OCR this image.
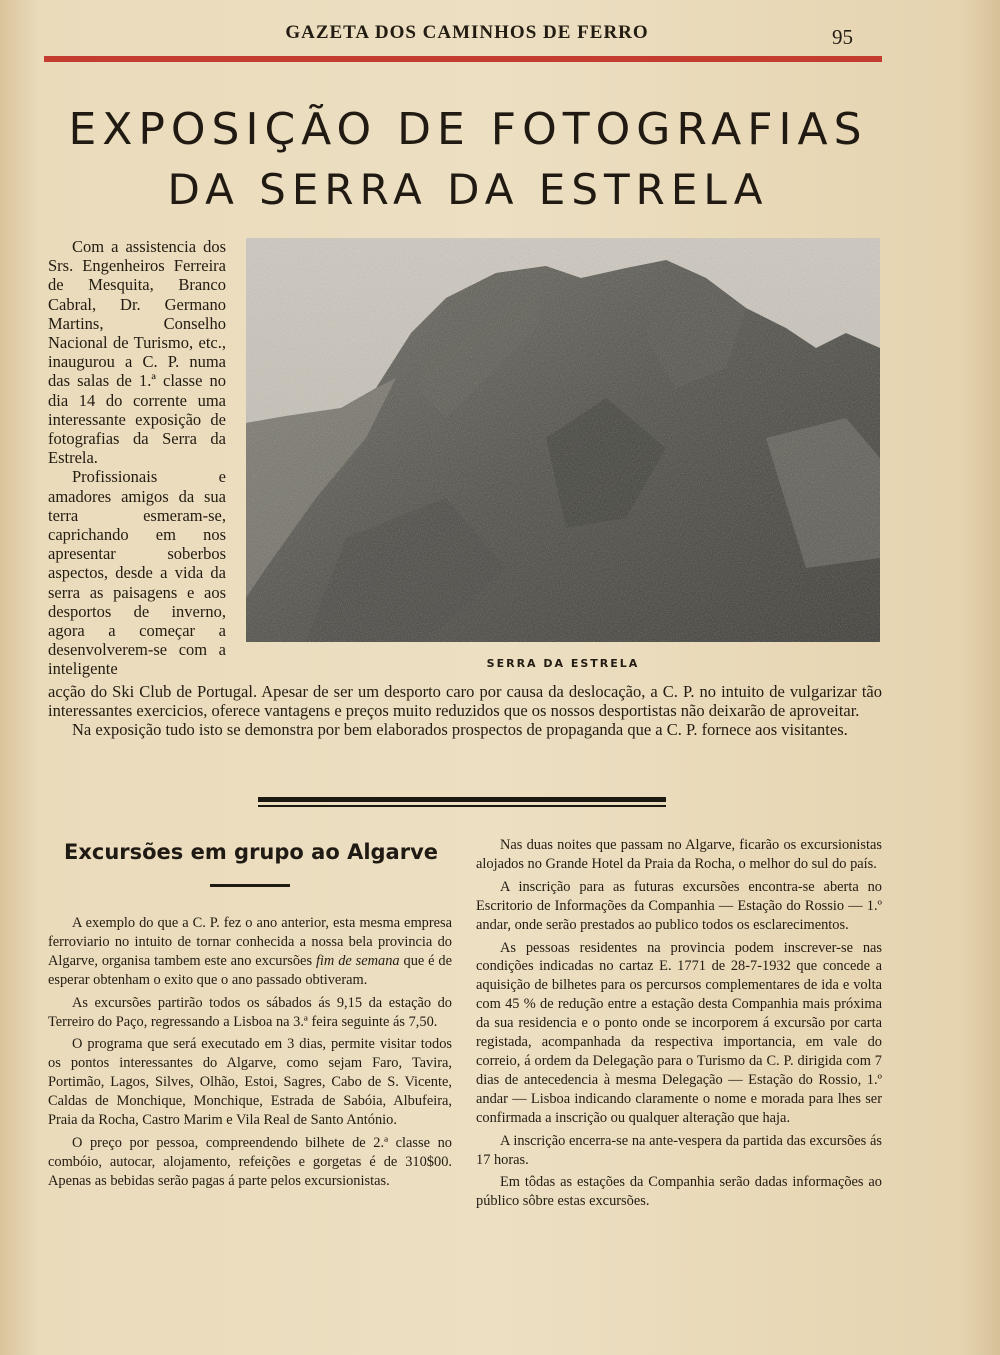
GAZETA DOS CAMINHOS DE FERRO	95
EXPOSIÇÃO DE FOTOGRAFIAS
DA SERRA DA ESTRELA

Com a assistencia dos Srs. Engenheiros Ferreira de Mesquita, Branco Cabral, Dr. Germano Martins, Conselho Nacional de Turismo, etc., inaugurou a C. P. numa das salas de 1.ª classe no dia 14 do corrente uma interessante exposição de fotografias da Serra da Estrela.

Profissionais e amadores amigos da sua terra esmeram-se, caprichando em nos apresentar soberbos aspectos, desde a vida da serra as paisagens e aos desportos de inverno, agora a começar a desenvolverem-se com a inteligente	SERRA DA ESTRELA

acção do Ski Club de Portugal. Apesar de ser um desporto caro por causa da deslocação, a C. P. no intuito de vulgarizar tão interessantes exercicios, oferece vantagens e preços muito reduzidos que os nossos desportistas não deixarão de aproveitar.

Na exposição tudo isto se demonstra por bem elaborados prospectos de propaganda que a C. P. fornece aos visitantes.

Excursões em grupo ao Algarve

A exemplo do que a C. P. fez o ano anterior, esta mesma empresa ferroviario no intuito de tornar conhecida a nossa bela provincia do Algarve, organisa tambem este ano excursões fim de semana que é de esperar obtenham o exito que o ano passado obtiveram.

As excursões partirão todos os sábados ás 9,15 da estação do Terreiro do Paço, regressando a Lisboa na 3.ª feira seguinte ás 7,50.

O programa que será executado em 3 dias, permite visitar todos os pontos interessantes do Algarve, como sejam Faro, Tavira, Portimão, Lagos, Silves, Olhão, Estoi, Sagres, Cabo de S. Vicente, Caldas de Monchique, Monchique, Estrada de Sabóia, Albufeira, Praia da Rocha, Castro Marim e Vila Real de Santo António.

O preço por pessoa, compreendendo bilhete de 2.ª classe no combóio, autocar, alojamento, refeições e gorgetas é de 310$00. Apenas as bebidas serão pagas á parte pelos excursionistas.

Nas duas noites que passam no Algarve, ficarão os excursionistas alojados no Grande Hotel da Praia da Rocha, o melhor do sul do país.

A inscrição para as futuras excursões encontra-se aberta no Escritorio de Informações da Companhia — Estação do Rossio — 1.º andar, onde serão prestados ao publico todos os esclarecimentos.

As pessoas residentes na provincia podem inscrever-se nas condições indicadas no cartaz E. 1771 de 28-7-1932 que concede a aquisição de bilhetes para os percursos complementares de ida e volta com 45 % de redução entre a estação desta Companhia mais próxima da sua residencia e o ponto onde se incorporem á excursão por carta registada, acompanhada da respectiva importancia, em vale do correio, á ordem da Delegação para o Turismo da C. P. dirigida com 7 dias de antecedencia à mesma Delegação — Estação do Rossio, 1.º andar — Lisboa indicando claramente o nome e morada para lhes ser confirmada a inscrição ou qualquer alteração que haja.

A inscrição encerra-se na ante-vespera da partida das excursões ás 17 horas.

Em tôdas as estações da Companhia serão dadas informações ao público sôbre estas excursões.
